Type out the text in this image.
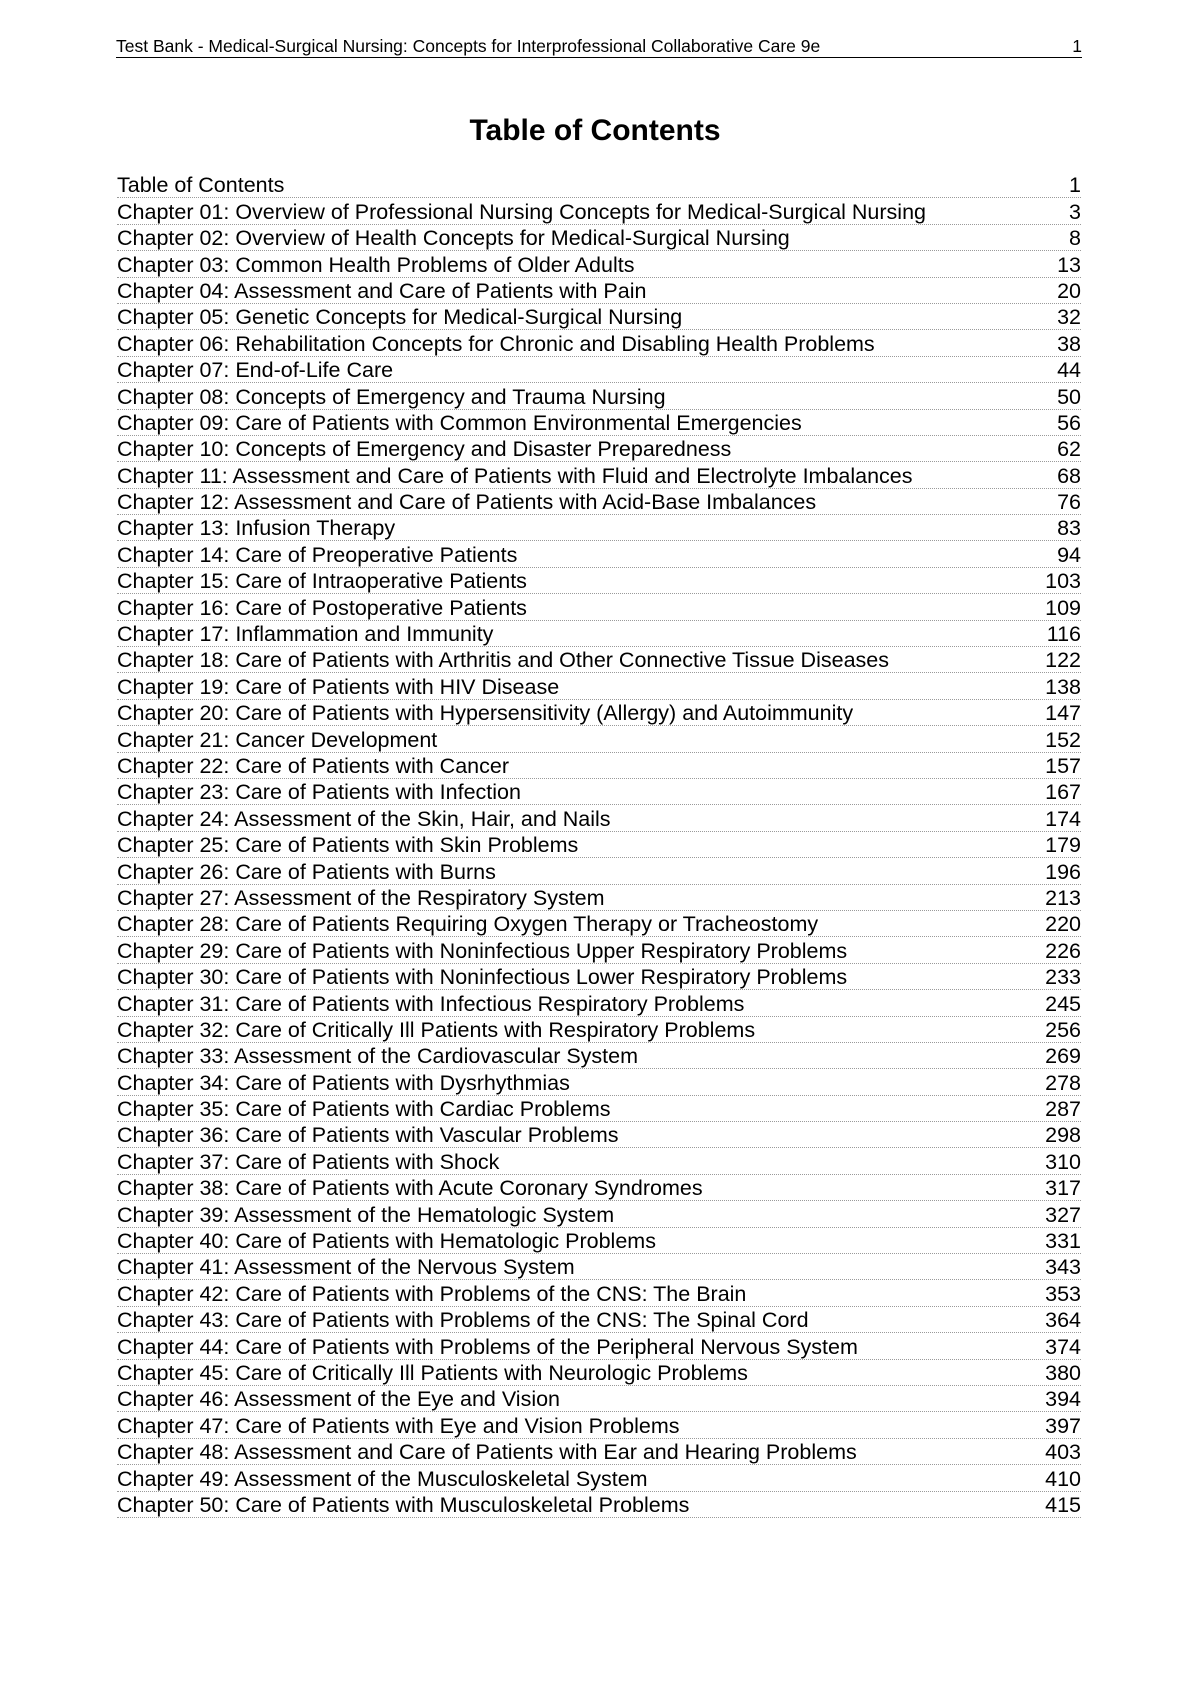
Test Bank - Medical-Surgical Nursing: Concepts for Interprofessional Collaborative Care 9e	1
Table of Contents
Table of Contents	1
Chapter 01: Overview of Professional Nursing Concepts for Medical-Surgical Nursing	3
Chapter 02: Overview of Health Concepts for Medical-Surgical Nursing	8
Chapter 03: Common Health Problems of Older Adults	13
Chapter 04: Assessment and Care of Patients with Pain	20
Chapter 05: Genetic Concepts for Medical-Surgical Nursing	32
Chapter 06: Rehabilitation Concepts for Chronic and Disabling Health Problems	38
Chapter 07: End-of-Life Care	44
Chapter 08: Concepts of Emergency and Trauma Nursing	50
Chapter 09: Care of Patients with Common Environmental Emergencies	56
Chapter 10: Concepts of Emergency and Disaster Preparedness	62
Chapter 11: Assessment and Care of Patients with Fluid and Electrolyte Imbalances	68
Chapter 12: Assessment and Care of Patients with Acid-Base Imbalances	76
Chapter 13: Infusion Therapy	83
Chapter 14: Care of Preoperative Patients	94
Chapter 15: Care of Intraoperative Patients	103
Chapter 16: Care of Postoperative Patients	109
Chapter 17: Inflammation and Immunity	116
Chapter 18: Care of Patients with Arthritis and Other Connective Tissue Diseases	122
Chapter 19: Care of Patients with HIV Disease	138
Chapter 20: Care of Patients with Hypersensitivity (Allergy) and Autoimmunity	147
Chapter 21: Cancer Development	152
Chapter 22: Care of Patients with Cancer	157
Chapter 23: Care of Patients with Infection	167
Chapter 24: Assessment of the Skin, Hair, and Nails	174
Chapter 25: Care of Patients with Skin Problems	179
Chapter 26: Care of Patients with Burns	196
Chapter 27: Assessment of the Respiratory System	213
Chapter 28: Care of Patients Requiring Oxygen Therapy or Tracheostomy	220
Chapter 29: Care of Patients with Noninfectious Upper Respiratory Problems	226
Chapter 30: Care of Patients with Noninfectious Lower Respiratory Problems	233
Chapter 31: Care of Patients with Infectious Respiratory Problems	245
Chapter 32: Care of Critically Ill Patients with Respiratory Problems	256
Chapter 33: Assessment of the Cardiovascular System	269
Chapter 34: Care of Patients with Dysrhythmias	278
Chapter 35: Care of Patients with Cardiac Problems	287
Chapter 36: Care of Patients with Vascular Problems	298
Chapter 37: Care of Patients with Shock	310
Chapter 38: Care of Patients with Acute Coronary Syndromes	317
Chapter 39: Assessment of the Hematologic System	327
Chapter 40: Care of Patients with Hematologic Problems	331
Chapter 41: Assessment of the Nervous System	343
Chapter 42: Care of Patients with Problems of the CNS: The Brain	353
Chapter 43: Care of Patients with Problems of the CNS: The Spinal Cord	364
Chapter 44: Care of Patients with Problems of the Peripheral Nervous System	374
Chapter 45: Care of Critically Ill Patients with Neurologic Problems	380
Chapter 46: Assessment of the Eye and Vision	394
Chapter 47: Care of Patients with Eye and Vision Problems	397
Chapter 48: Assessment and Care of Patients with Ear and Hearing Problems	403
Chapter 49: Assessment of the Musculoskeletal System	410
Chapter 50: Care of Patients with Musculoskeletal Problems	415
